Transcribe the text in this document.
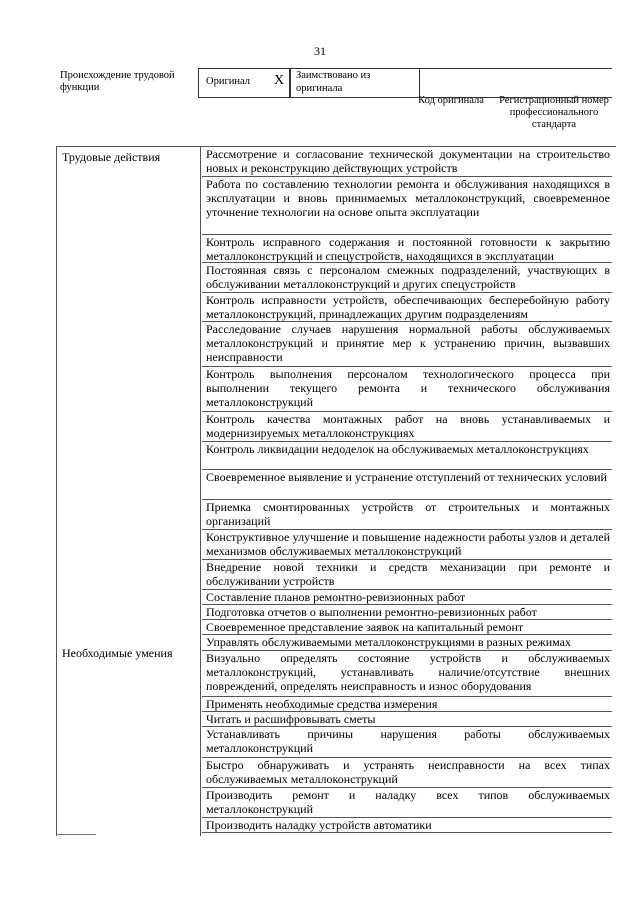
31
Происхождение трудовой функции
Оригинал X Заимствовано из оригинала
Код оригинала	Регистрационный номер профессионального стандарта
Трудовые действия
Необходимые умения
Рассмотрение и согласование технической документации на строительство новых и реконструкцию действующих устройств
Работа по составлению технологии ремонта и обслуживания находящихся в эксплуатации и вновь принимаемых металлоконструкций, своевременное уточнение технологии на основе опыта эксплуатации
Контроль исправного содержания и постоянной готовности к закрытию металлоконструкций и спецустройств, находящихся в эксплуатации
Постоянная связь с персоналом смежных подразделений, участвующих в обслуживании металлоконструкций и других спецустройств
Контроль исправности устройств, обеспечивающих бесперебойную работу металлоконструкций, принадлежащих другим подразделениям
Расследование случаев нарушения нормальной работы обслуживаемых металлоконструкций и принятие мер к устранению причин, вызвавших неисправности
Контроль выполнения персоналом технологического процесса при выполнении текущего ремонта и технического обслуживания металлоконструкций
Контроль качества монтажных работ на вновь устанавливаемых и модернизируемых металлоконструкциях
Контроль ликвидации недоделок на обслуживаемых металлоконструкциях
Своевременное выявление и устранение отступлений от технических условий
Приемка смонтированных устройств от строительных и монтажных организаций
Конструктивное улучшение и повышение надежности работы узлов и деталей механизмов обслуживаемых металлоконструкций
Внедрение новой техники и средств механизации при ремонте и обслуживании устройств
Составление планов ремонтно-ревизионных работ
Подготовка отчетов о выполнении ремонтно-ревизионных работ
Своевременное представление заявок на капитальный ремонт
Управлять обслуживаемыми металлоконструкциями в разных режимах
Визуально определять состояние устройств и обслуживаемых металлоконструкций, устанавливать наличие/отсутствие внешних повреждений, определять неисправность и износ оборудования
Применять необходимые средства измерения
Читать и расшифровывать сметы
Устанавливать причины нарушения работы обслуживаемых металлоконструкций
Быстро обнаруживать и устранять неисправности на всех типах обслуживаемых металлоконструкций
Производить ремонт и наладку всех типов обслуживаемых металлоконструкций
Производить наладку устройств автоматики
